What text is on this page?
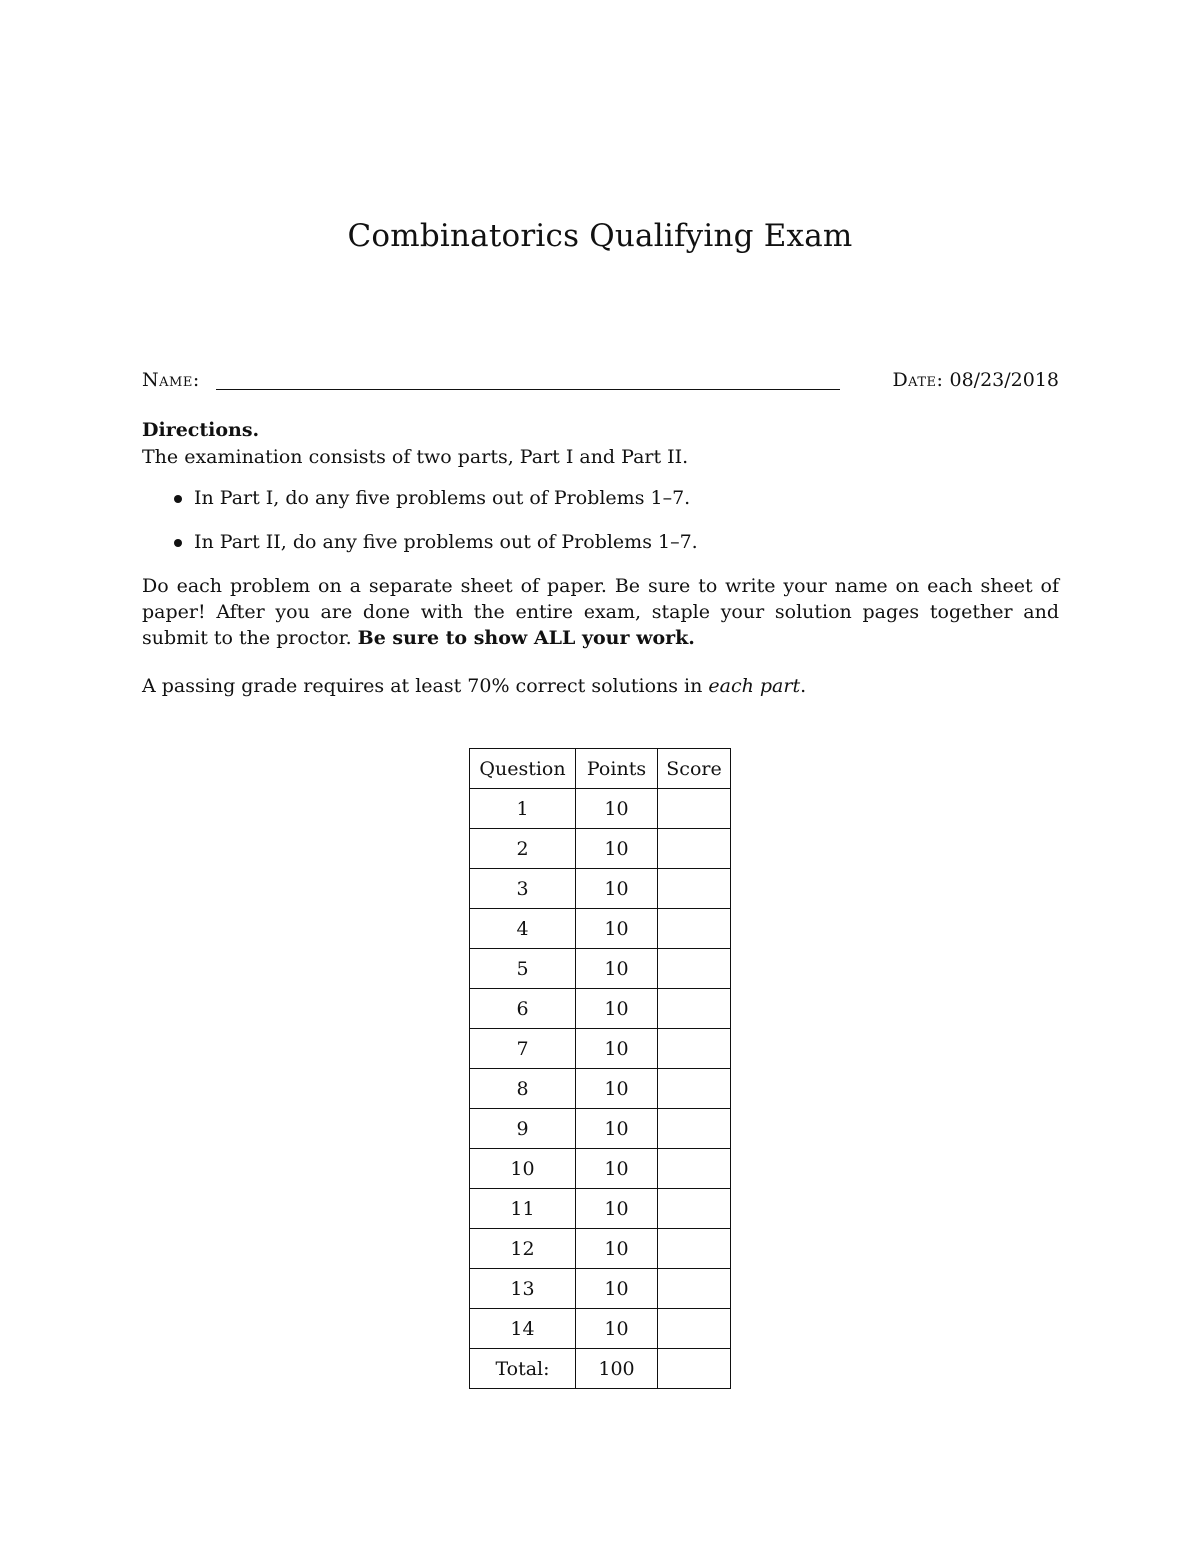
Combinatorics Qualifying Exam
Name:	Date: 08/23/2018

Directions.

The examination consists of two parts, Part I and Part II.

In Part I, do any five problems out of Problems 1–7.
In Part II, do any five problems out of Problems 1–7.

Do each problem on a separate sheet of paper. Be sure to write your name on each sheet of paper! After you are done with the entire exam, staple your solution pages together and submit to the proctor. Be sure to show ALL your work.

A passing grade requires at least 70% correct solutions in each part.

Question	Points	Score
1	10	
2	10	
3	10	
4	10	
5	10	
6	10	
7	10	
8	10	
9	10	
10	10	
11	10	
12	10	
13	10	
14	10	
Total:	100	
